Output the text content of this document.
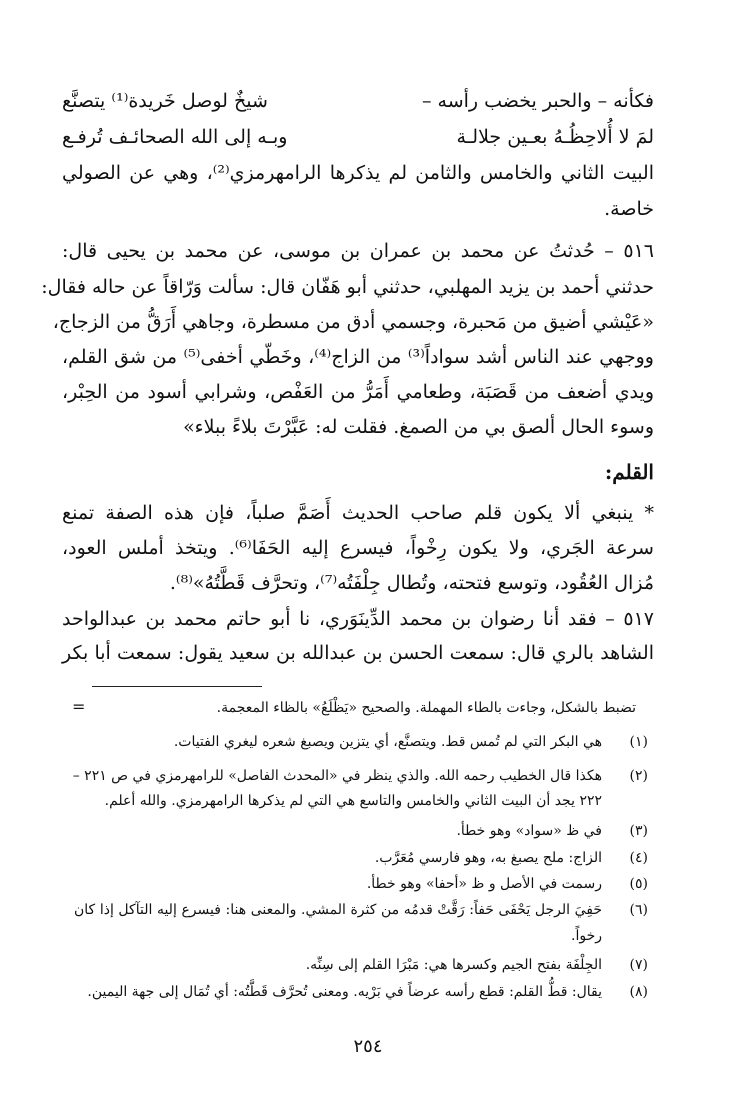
فكأنه – والحبر يخضب رأسه –
شيخٌ لوصل خَريدة⁽¹⁾ يتصنَّع
لمَ لا أُلاحِظُـهُ بعـين جلالـة
وبـه إلى الله الصحائـف تُرفـع
البيت الثاني والخامس والثامن لم يذكرها الرامهرمزي⁽²⁾، وهي عن الصولي
خاصة.
٥١٦ – حُدثتُ عن محمد بن عمران بن موسى، عن محمد بن يحيى قال:
حدثني أحمد بن يزيد المهلبي، حدثني أبو هَفّان قال: سألت وَرّاقاً عن حاله فقال:
«عَيْشي أضيق من مَحبرة، وجسمي أدق من مسطرة، وجاهي أَرَقُّ من الزجاج،
ووجهي عند الناس أشد سواداً⁽³⁾ من الزاج⁽⁴⁾، وخَطّي أخفى⁽⁵⁾ من شق القلم،
ويدي أضعف من قَصَبَة، وطعامي أَمَرُّ من العَفْص، وشرابي أسود من الحِبْر،
وسوء الحال ألصق بي من الصمغ. فقلت له: عَبَّرْتَ بلاءً ببلاء»
القلم:
* ينبغي ألا يكون قلم صاحب الحديث أَصَمَّ صلباً، فإن هذه الصفة تمنع
سرعة الجَري، ولا يكون رِخْواً، فيسرع إليه الحَفَا⁽⁶⁾. ويتخذ أملس العود،
مُزال العُقُود، وتوسع فتحته، وتُطال جِلْفَتُه⁽⁷⁾، وتحرَّف قَطَّتُهُ»⁽⁸⁾.
٥١٧ – فقد أنا رضوان بن محمد الدِّينَوَري، نا أبو حاتم محمد بن عبدالواحد
الشاهد بالري قال: سمعت الحسن بن عبدالله بن سعيد يقول: سمعت أبا بكر
=	تضبط بالشكل، وجاءت بالطاء المهملة. والصحيح «يَظْلَعُ» بالظاء المعجمة.
(١)
هي البكر التي لم تُمس قط. ويتصنَّع، أي يتزين ويصبغ شعره ليغري الفتيات.
(٢)
هكذا قال الخطيب رحمه الله. والذي ينظر في «المحدث الفاصل» للرامهرمزي في ص ٢٢١ –
٢٢٢ يجد أن البيت الثاني والخامس والتاسع هي التي لم يذكرها الرامهرمزي. والله أعلم.
(٣)
في ظ «سواد» وهو خطأ.
(٤)
الزاج: ملح يصبغ به، وهو فارسي مُعَرَّب.
(٥)
رسمت في الأصل و ظ «أحفا» وهو خطأ.
(٦)
حَفِيَ الرجل يَحْفَى حَفاً: رَقَّتْ قدمُه من كثرة المشي. والمعنى هنا: فيسرع إليه التآكل إذا كان
رخواً.
(٧)
الجِلْفَة بفتح الجيم وكسرها هي: مَبْرَا القلم إلى سِنِّه.
(٨)
يقال: قطُّ القلم: قطع رأسه عرضاً في بَرْيه. ومعنى تُحرَّف قَطَّتُه: أي تُمَال إلى جهة اليمين.
٢٥٤
